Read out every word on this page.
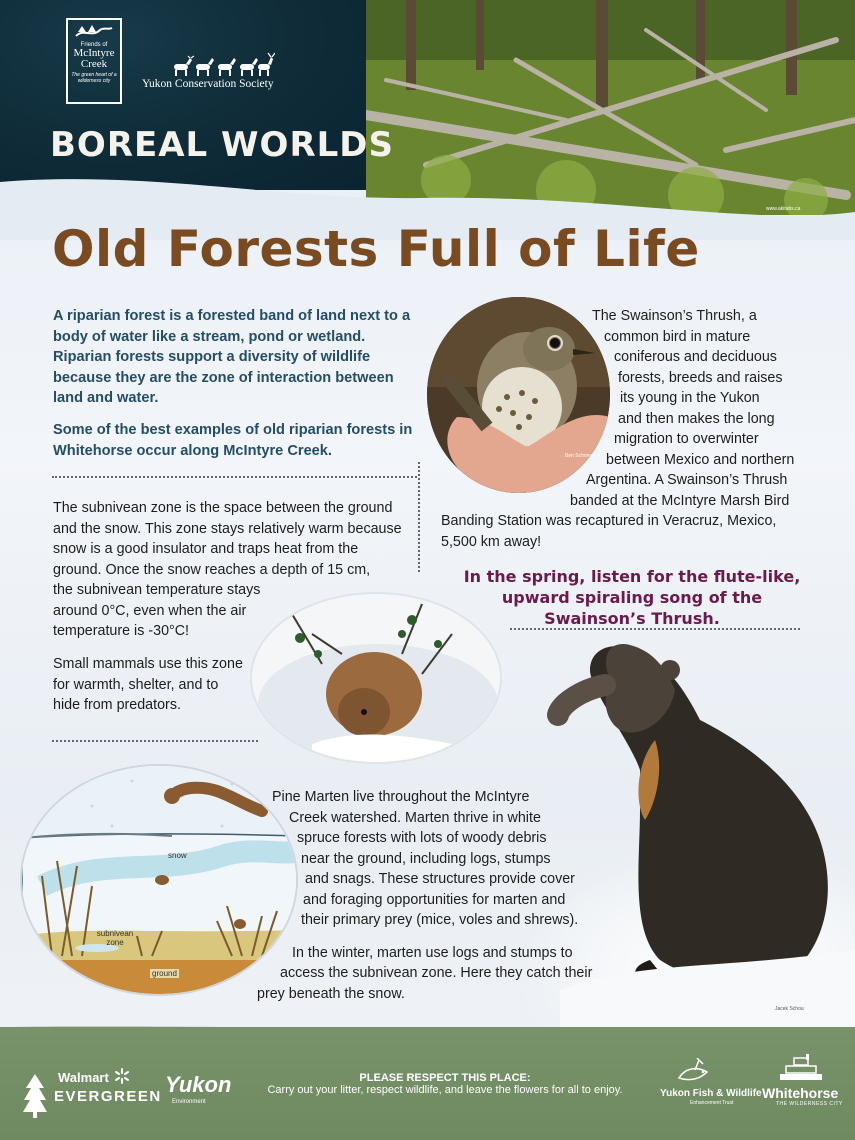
www.akitabs.ca
Friends of
McIntyre Creek
The green heart of a wilderness city	Yukon Conservation Society
BOREAL WORLDS
Old Forests Full of Life
A riparian forest is a forested band of land next to a body of water like a stream, pond or wetland. Riparian forests support a diversity of wildlife because they are the zone of interaction between land and water.
Some of the best examples of old riparian forests in Whitehorse occur along McIntyre Creek.
The subnivean zone is the space between the ground
and the snow. This zone stays relatively warm because
snow is a good insulator and traps heat from the
ground. Once the snow reaches a depth of 15 cm,
the subnivean temperature stays
around 0°C, even when the air
temperature is -30°C!
Small mammals use this zone
for warmth, shelter, and to
hide from predators.
Jacek Vidal
Ben Schonewille
The Swainson’s Thrush, a
common bird in mature
coniferous and deciduous
forests, breeds and raises
its young in the Yukon
and then makes the long
migration to overwinter
between Mexico and northern
Argentina. A Swainson’s Thrush
banded at the McIntyre Marsh Bird
Banding Station was recaptured in Veracruz, Mexico,
5,500 km away!
In the spring, listen for the flute-like, upward spiraling song of the Swainson’s Thrush.
Jacek Schou
snow
subnivean zone
ground	Tanya Handley
Pine Marten live throughout the McIntyre
Creek watershed. Marten thrive in white
spruce forests with lots of woody debris
near the ground, including logs, stumps
and snags. These structures provide cover
and foraging opportunities for marten and
their primary prey (mice, voles and shrews).
In the winter, marten use logs and stumps to
access the subnivean zone. Here they catch their
prey beneath the snow.
Walmart
EVERGREEN Yukon
Environment
PLEASE RESPECT THIS PLACE:
Carry out your litter, respect wildlife, and leave the flowers for all to enjoy.	Yukon Fish & Wildlife
Enhancement Trust
Whitehorse
THE WILDERNESS CITY
